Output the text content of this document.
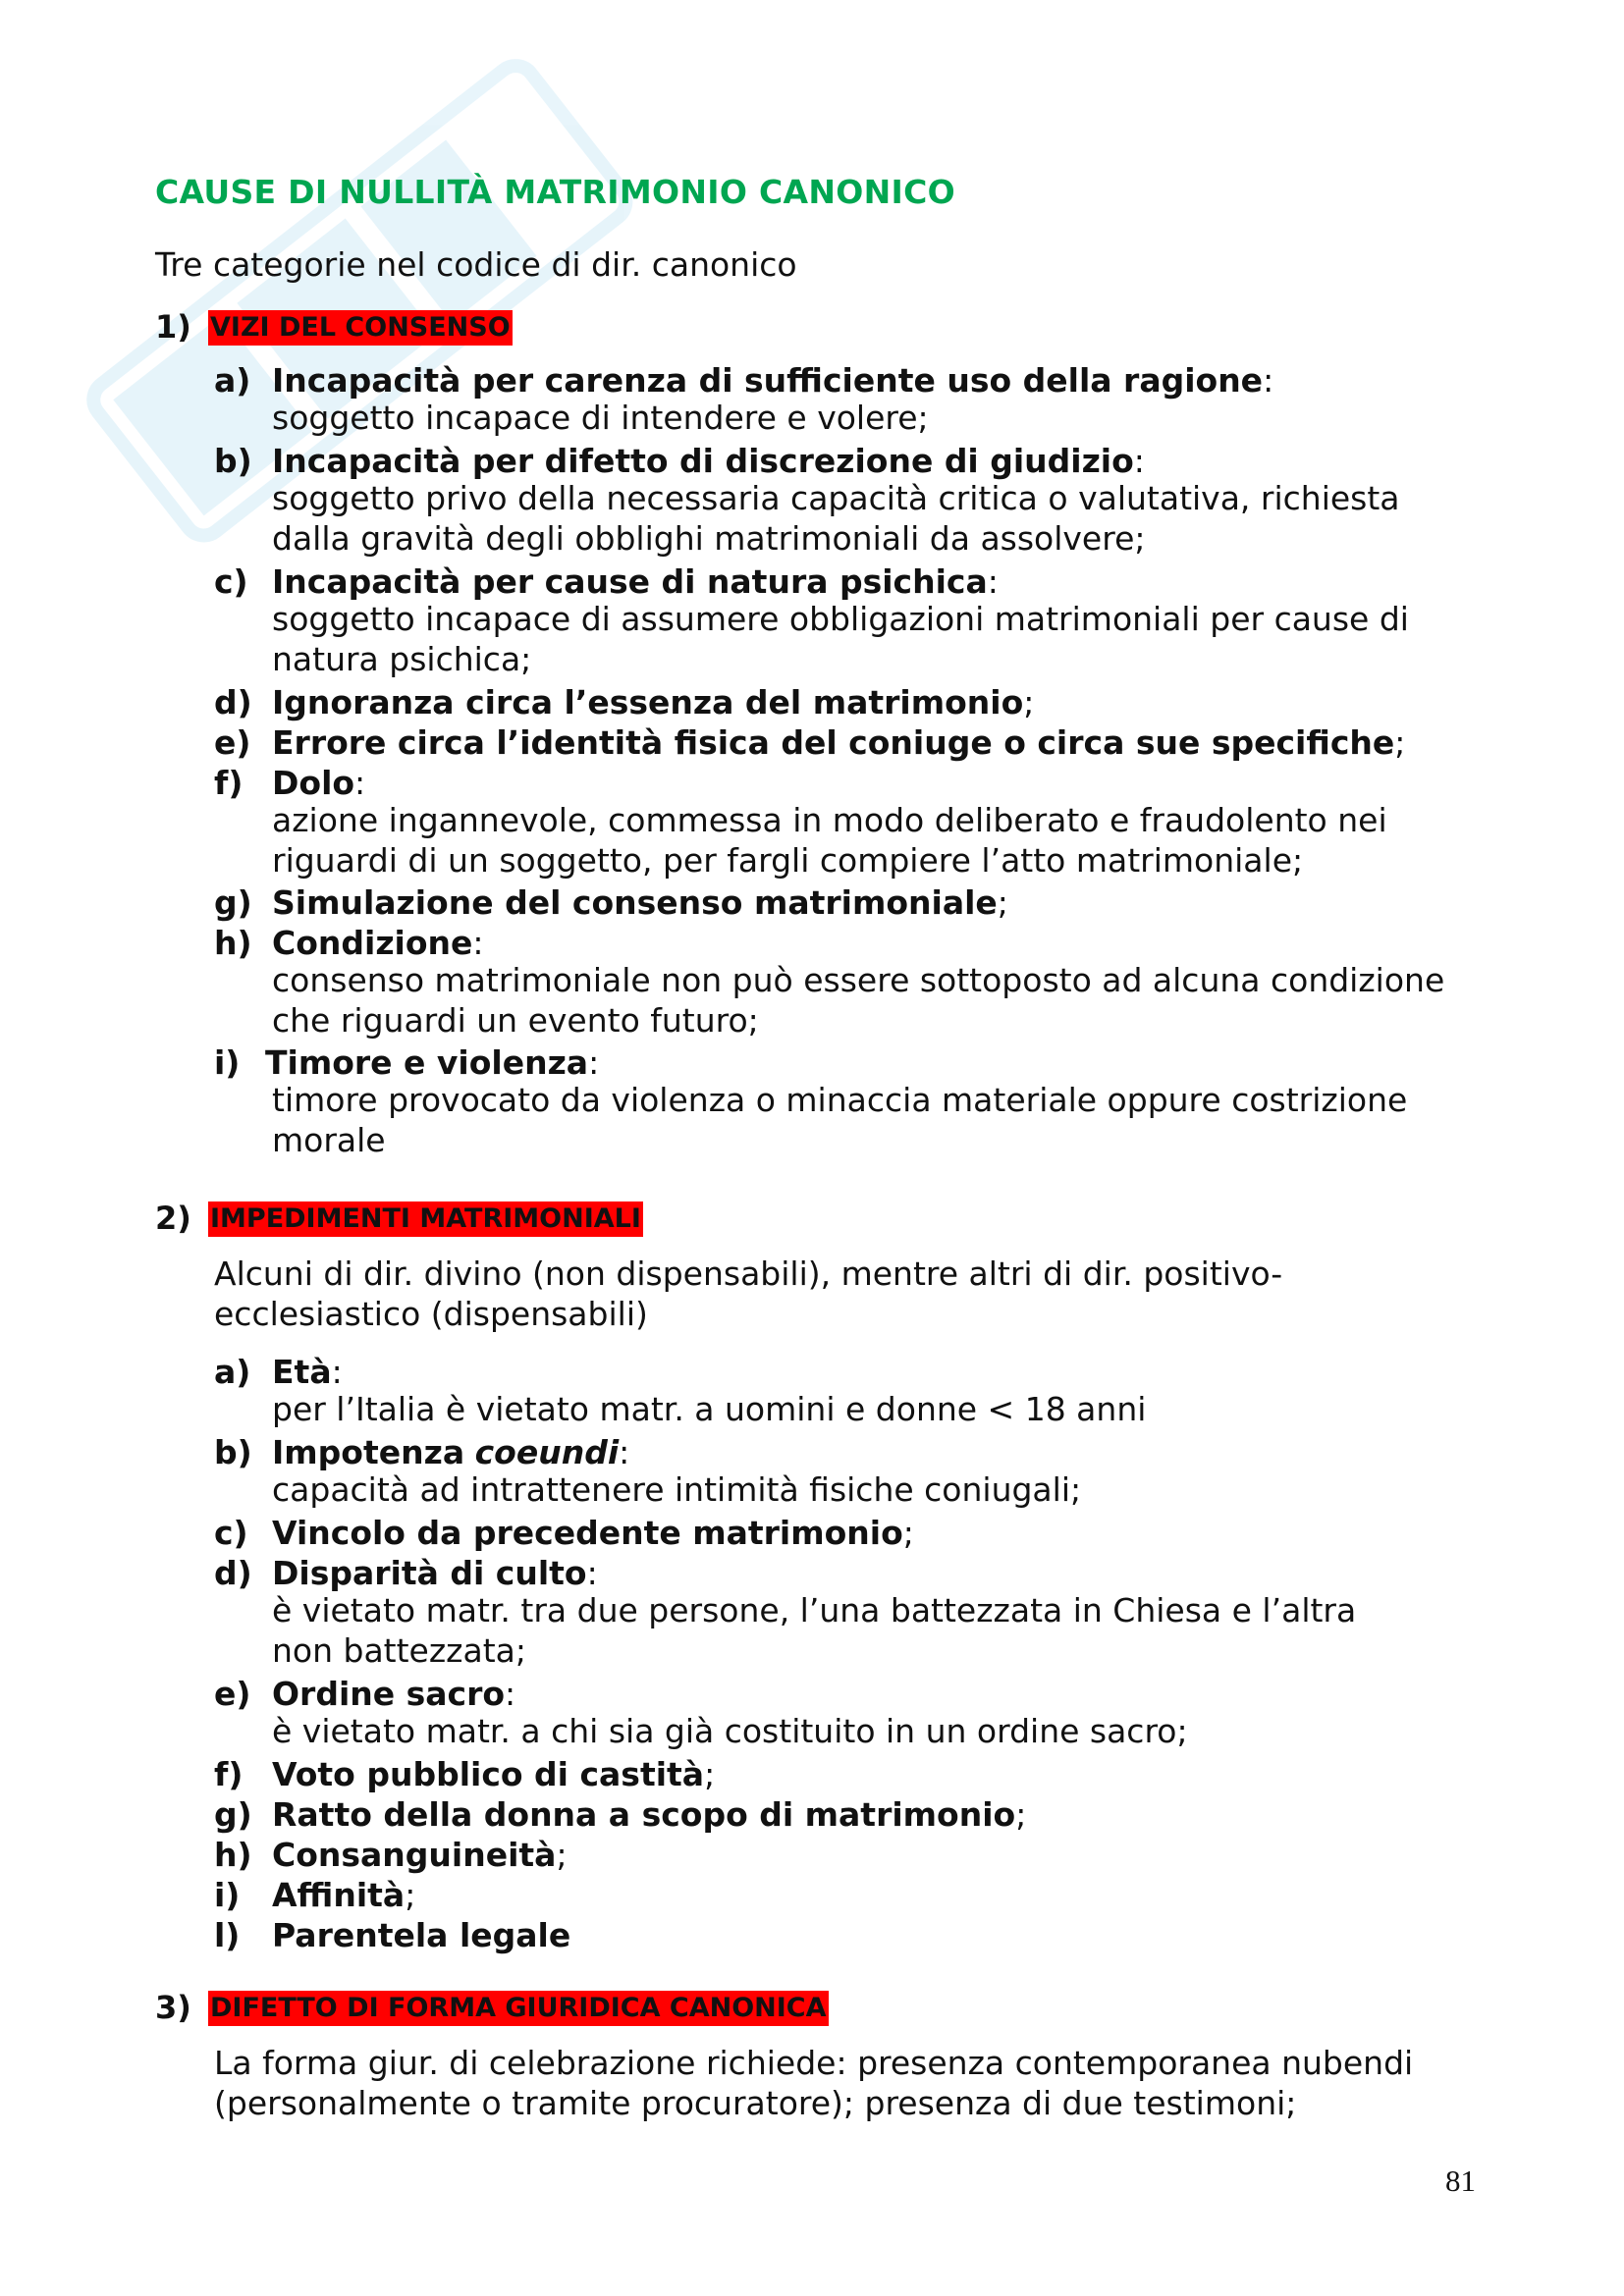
CAUSE DI NULLITÀ MATRIMONIO CANONICO
Tre categorie nel codice di dir. canonico
1) VIZI DEL CONSENSO
a) Incapacità per carenza di sufficiente uso della ragione:
soggetto incapace di intendere e volere;
b) Incapacità per difetto di discrezione di giudizio:
soggetto privo della necessaria capacità critica o valutativa, richiesta
dalla gravità degli obblighi matrimoniali da assolvere;
c) Incapacità per cause di natura psichica:
soggetto incapace di assumere obbligazioni matrimoniali per cause di
natura psichica;
d) Ignoranza circa l’essenza del matrimonio;
e) Errore circa l’identità fisica del coniuge o circa sue specifiche;
f) Dolo:
azione ingannevole, commessa in modo deliberato e fraudolento nei
riguardi di un soggetto, per fargli compiere l’atto matrimoniale;
g) Simulazione del consenso matrimoniale;
h) Condizione:
consenso matrimoniale non può essere sottoposto ad alcuna condizione
che riguardi un evento futuro;
i) Timore e violenza:
timore provocato da violenza o minaccia materiale oppure costrizione
morale
2) IMPEDIMENTI MATRIMONIALI
Alcuni di dir. divino (non dispensabili), mentre altri di dir. positivo-
ecclesiastico (dispensabili)
a) Età:
per l’Italia è vietato matr. a uomini e donne < 18 anni
b) Impotenza coeundi:
capacità ad intrattenere intimità fisiche coniugali;
c) Vincolo da precedente matrimonio;
d) Disparità di culto:
è vietato matr. tra due persone, l’una battezzata in Chiesa e l’altra
non battezzata;
e) Ordine sacro:
è vietato matr. a chi sia già costituito in un ordine sacro;
f) Voto pubblico di castità;
g) Ratto della donna a scopo di matrimonio;
h) Consanguineità;
i) Affinità;
l) Parentela legale
3) DIFETTO DI FORMA GIURIDICA CANONICA
La forma giur. di celebrazione richiede: presenza contemporanea nubendi
(personalmente o tramite procuratore); presenza di due testimoni;
81
